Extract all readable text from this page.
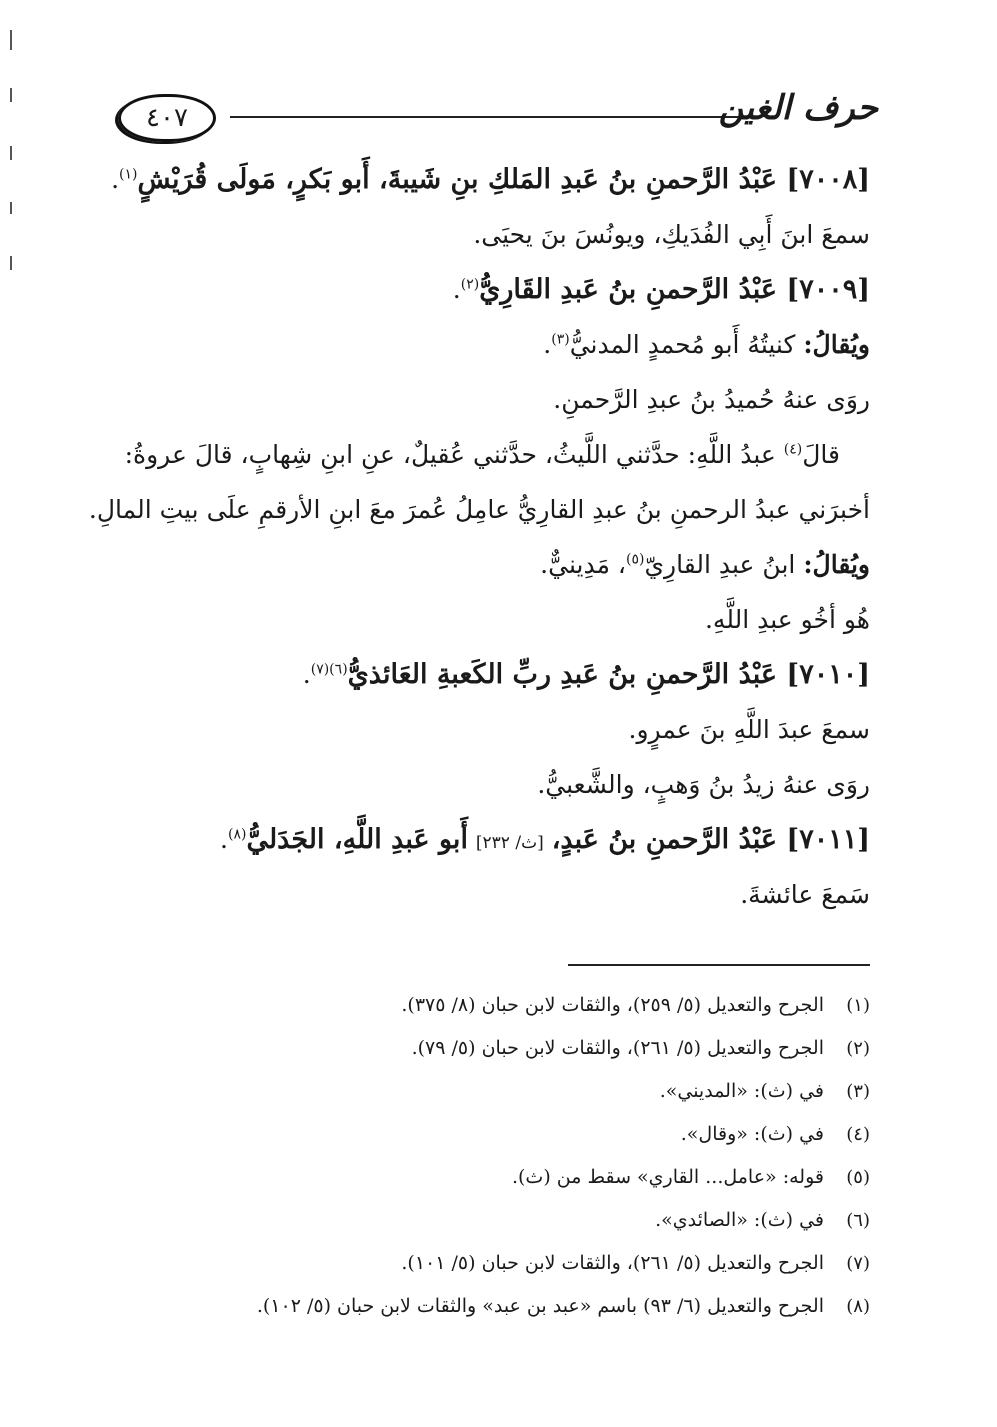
٤٠٧	حرف الغين
[٧٠٠٨] عَبْدُ الرَّحمنِ بنُ عَبدِ المَلكِ بنِ شَيبةَ، أَبو بَكرٍ، مَولَى قُرَيْشٍ$^{(١)}$.
سمعَ ابنَ أَبِي الفُدَيكِ، ويونُسَ بنَ يحيَى.
[٧٠٠٩] عَبْدُ الرَّحمنِ بنُ عَبدِ القَارِيُّ$^{(٢)}$.
ويُقالُ: كنيتُهُ أَبو مُحمدٍ المدنيُّ$^{(٣)}$.
روَى عنهُ حُميدُ بنُ عبدِ الرَّحمنِ.
قالَ$^{(٤)}$ عبدُ اللَّهِ: حدَّثني اللَّيثُ، حدَّثني عُقيلٌ، عنِ ابنِ شِهابٍ، قالَ عروةُ:
أخبرَني عبدُ الرحمنِ بنُ عبدِ القارِيُّ عامِلُ عُمرَ معَ ابنِ الأرقمِ علَى بيتِ المالِ.
ويُقالُ: ابنُ عبدِ القارِيّ$^{(٥)}$، مَدِينيٌّ.
هُو أخُو عبدِ اللَّهِ.
[٧٠١٠] عَبْدُ الرَّحمنِ بنُ عَبدِ ربِّ الكَعبةِ العَائذيُّ$^{(٦)(٧)}$.
سمعَ عبدَ اللَّهِ بنَ عمرٍو.
روَى عنهُ زيدُ بنُ وَهبٍ، والشَّعبيُّ.
[٧٠١١] عَبْدُ الرَّحمنِ بنُ عَبدٍ، [ث/ ٢٣٢] أَبو عَبدِ اللَّهِ، الجَدَليُّ$^{(٨)}$.
سَمعَ عائشةَ.
(١)الجرح والتعديل (٥/ ٢٥٩)، والثقات لابن حبان (٨/ ٣٧٥).
(٢)الجرح والتعديل (٥/ ٢٦١)، والثقات لابن حبان (٥/ ٧٩).
(٣)في (ث): «المديني».
(٤)في (ث): «وقال».
(٥)قوله: «عامل... القاري» سقط من (ث).
(٦)في (ث): «الصائدي».
(٧)الجرح والتعديل (٥/ ٢٦١)، والثقات لابن حبان (٥/ ١٠١).
(٨)الجرح والتعديل (٦/ ٩٣) باسم «عبد بن عبد» والثقات لابن حبان (٥/ ١٠٢).
